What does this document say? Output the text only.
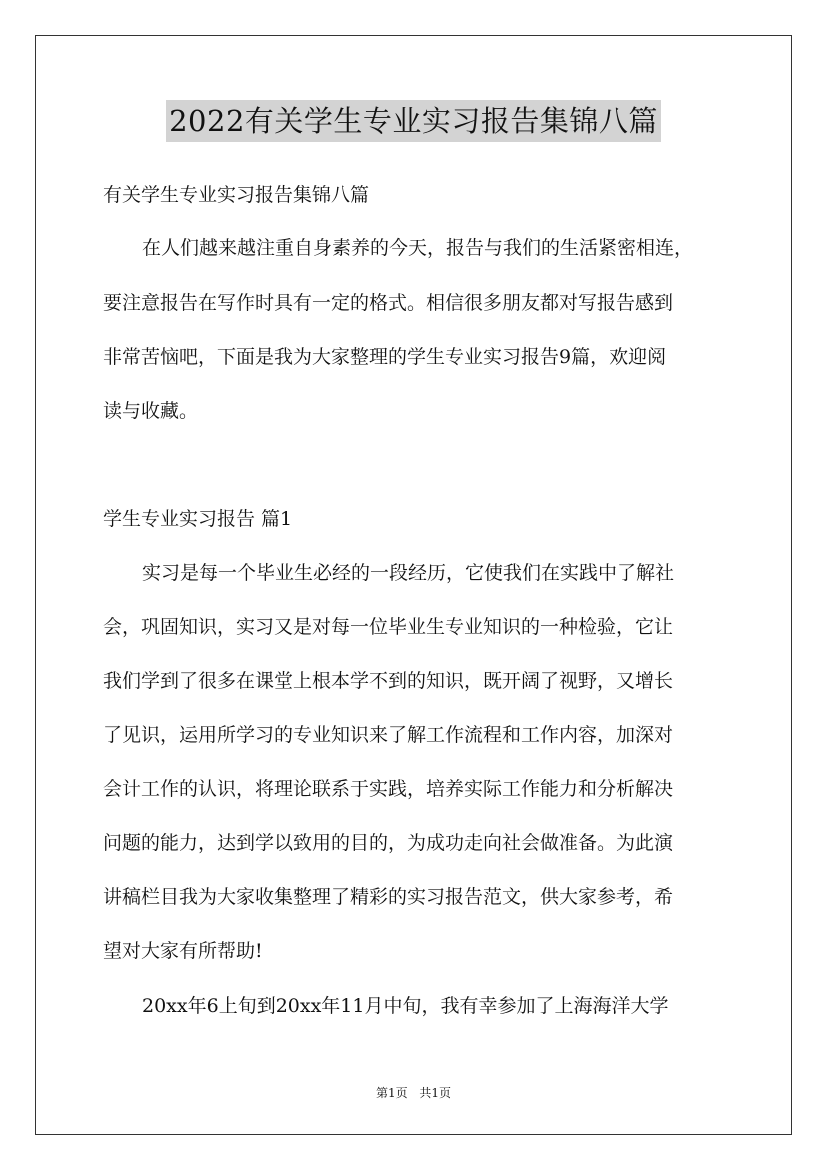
2022有关学生专业实习报告集锦八篇
有关学生专业实习报告集锦八篇
在人们越来越注重自身素养的今天，报告与我们的生活紧密相连，
要注意报告在写作时具有一定的格式。相信很多朋友都对写报告感到
非常苦恼吧，下面是我为大家整理的学生专业实习报告9篇，欢迎阅
读与收藏。
学生专业实习报告 篇1
实习是每一个毕业生必经的一段经历，它使我们在实践中了解社
会，巩固知识，实习又是对每一位毕业生专业知识的一种检验，它让
我们学到了很多在课堂上根本学不到的知识，既开阔了视野，又增长
了见识，运用所学习的专业知识来了解工作流程和工作内容，加深对
会计工作的认识，将理论联系于实践，培养实际工作能力和分析解决
问题的能力，达到学以致用的目的，为成功走向社会做准备。为此演
讲稿栏目我为大家收集整理了精彩的实习报告范文，供大家参考，希
望对大家有所帮助!
20xx年6上旬到20xx年11月中旬，我有幸参加了上海海洋大学
第1页 共1页
